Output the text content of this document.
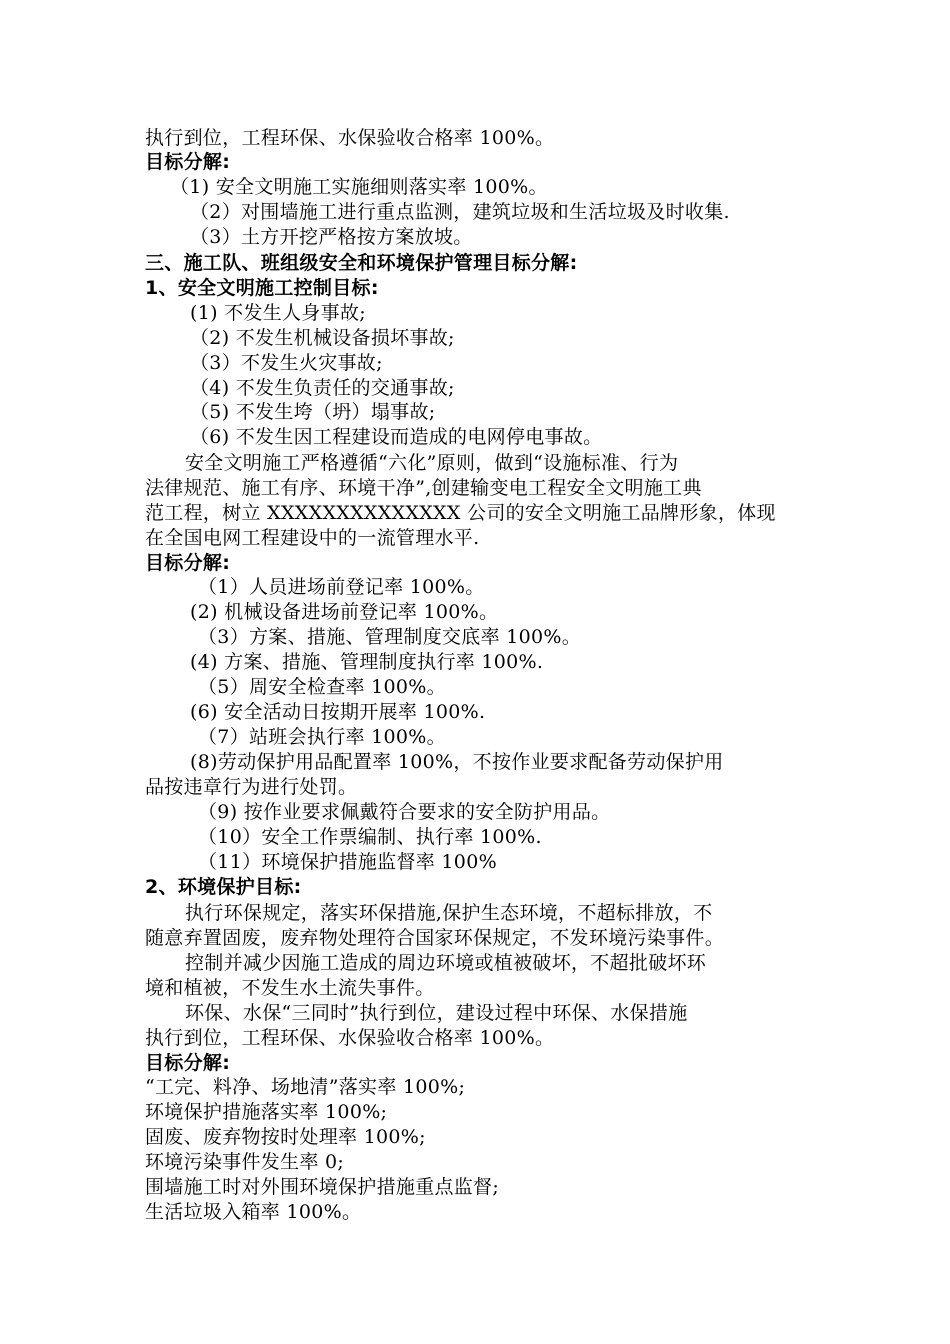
执行到位，工程环保、水保验收合格率 100%。
目标分解:
（1) 安全文明施工实施细则落实率 100%。
（2）对围墙施工进行重点监测，建筑垃圾和生活垃圾及时收集.
（3）土方开挖严格按方案放坡。
三、施工队、班组级安全和环境保护管理目标分解:
1、安全文明施工控制目标:
(1) 不发生人身事故;
（2) 不发生机械设备损坏事故;
（3）不发生火灾事故;
（4) 不发生负责任的交通事故;
（5) 不发生垮（坍）塌事故;
（6) 不发生因工程建设而造成的电网停电事故。
安全文明施工严格遵循“六化”原则，做到“设施标准、行为
法律规范、施工有序、环境干净”,创建输变电工程安全文明施工典
范工程，树立 XXXXXXXXXXXXXX 公司的安全文明施工品牌形象，体现
在全国电网工程建设中的一流管理水平.
目标分解:
（1）人员进场前登记率 100%。
(2) 机械设备进场前登记率 100%。
（3）方案、措施、管理制度交底率 100%。
(4) 方案、措施、管理制度执行率 100%.
（5）周安全检查率 100%。
(6) 安全活动日按期开展率 100%.
（7）站班会执行率 100%。
(8)劳动保护用品配置率 100%，不按作业要求配备劳动保护用
品按违章行为进行处罚。
（9) 按作业要求佩戴符合要求的安全防护用品。
（10）安全工作票编制、执行率 100%.
（11）环境保护措施监督率 100%
2、环境保护目标:
执行环保规定，落实环保措施,保护生态环境，不超标排放，不
随意弃置固废，废弃物处理符合国家环保规定，不发环境污染事件。
控制并减少因施工造成的周边环境或植被破坏，不超批破坏环
境和植被，不发生水土流失事件。
环保、水保“三同时”执行到位，建设过程中环保、水保措施
执行到位，工程环保、水保验收合格率 100%。
目标分解:
“工完、料净、场地清”落实率 100%;
环境保护措施落实率 100%;
固废、废弃物按时处理率 100%;
环境污染事件发生率 0;
围墙施工时对外围环境保护措施重点监督;
生活垃圾入箱率 100%。
